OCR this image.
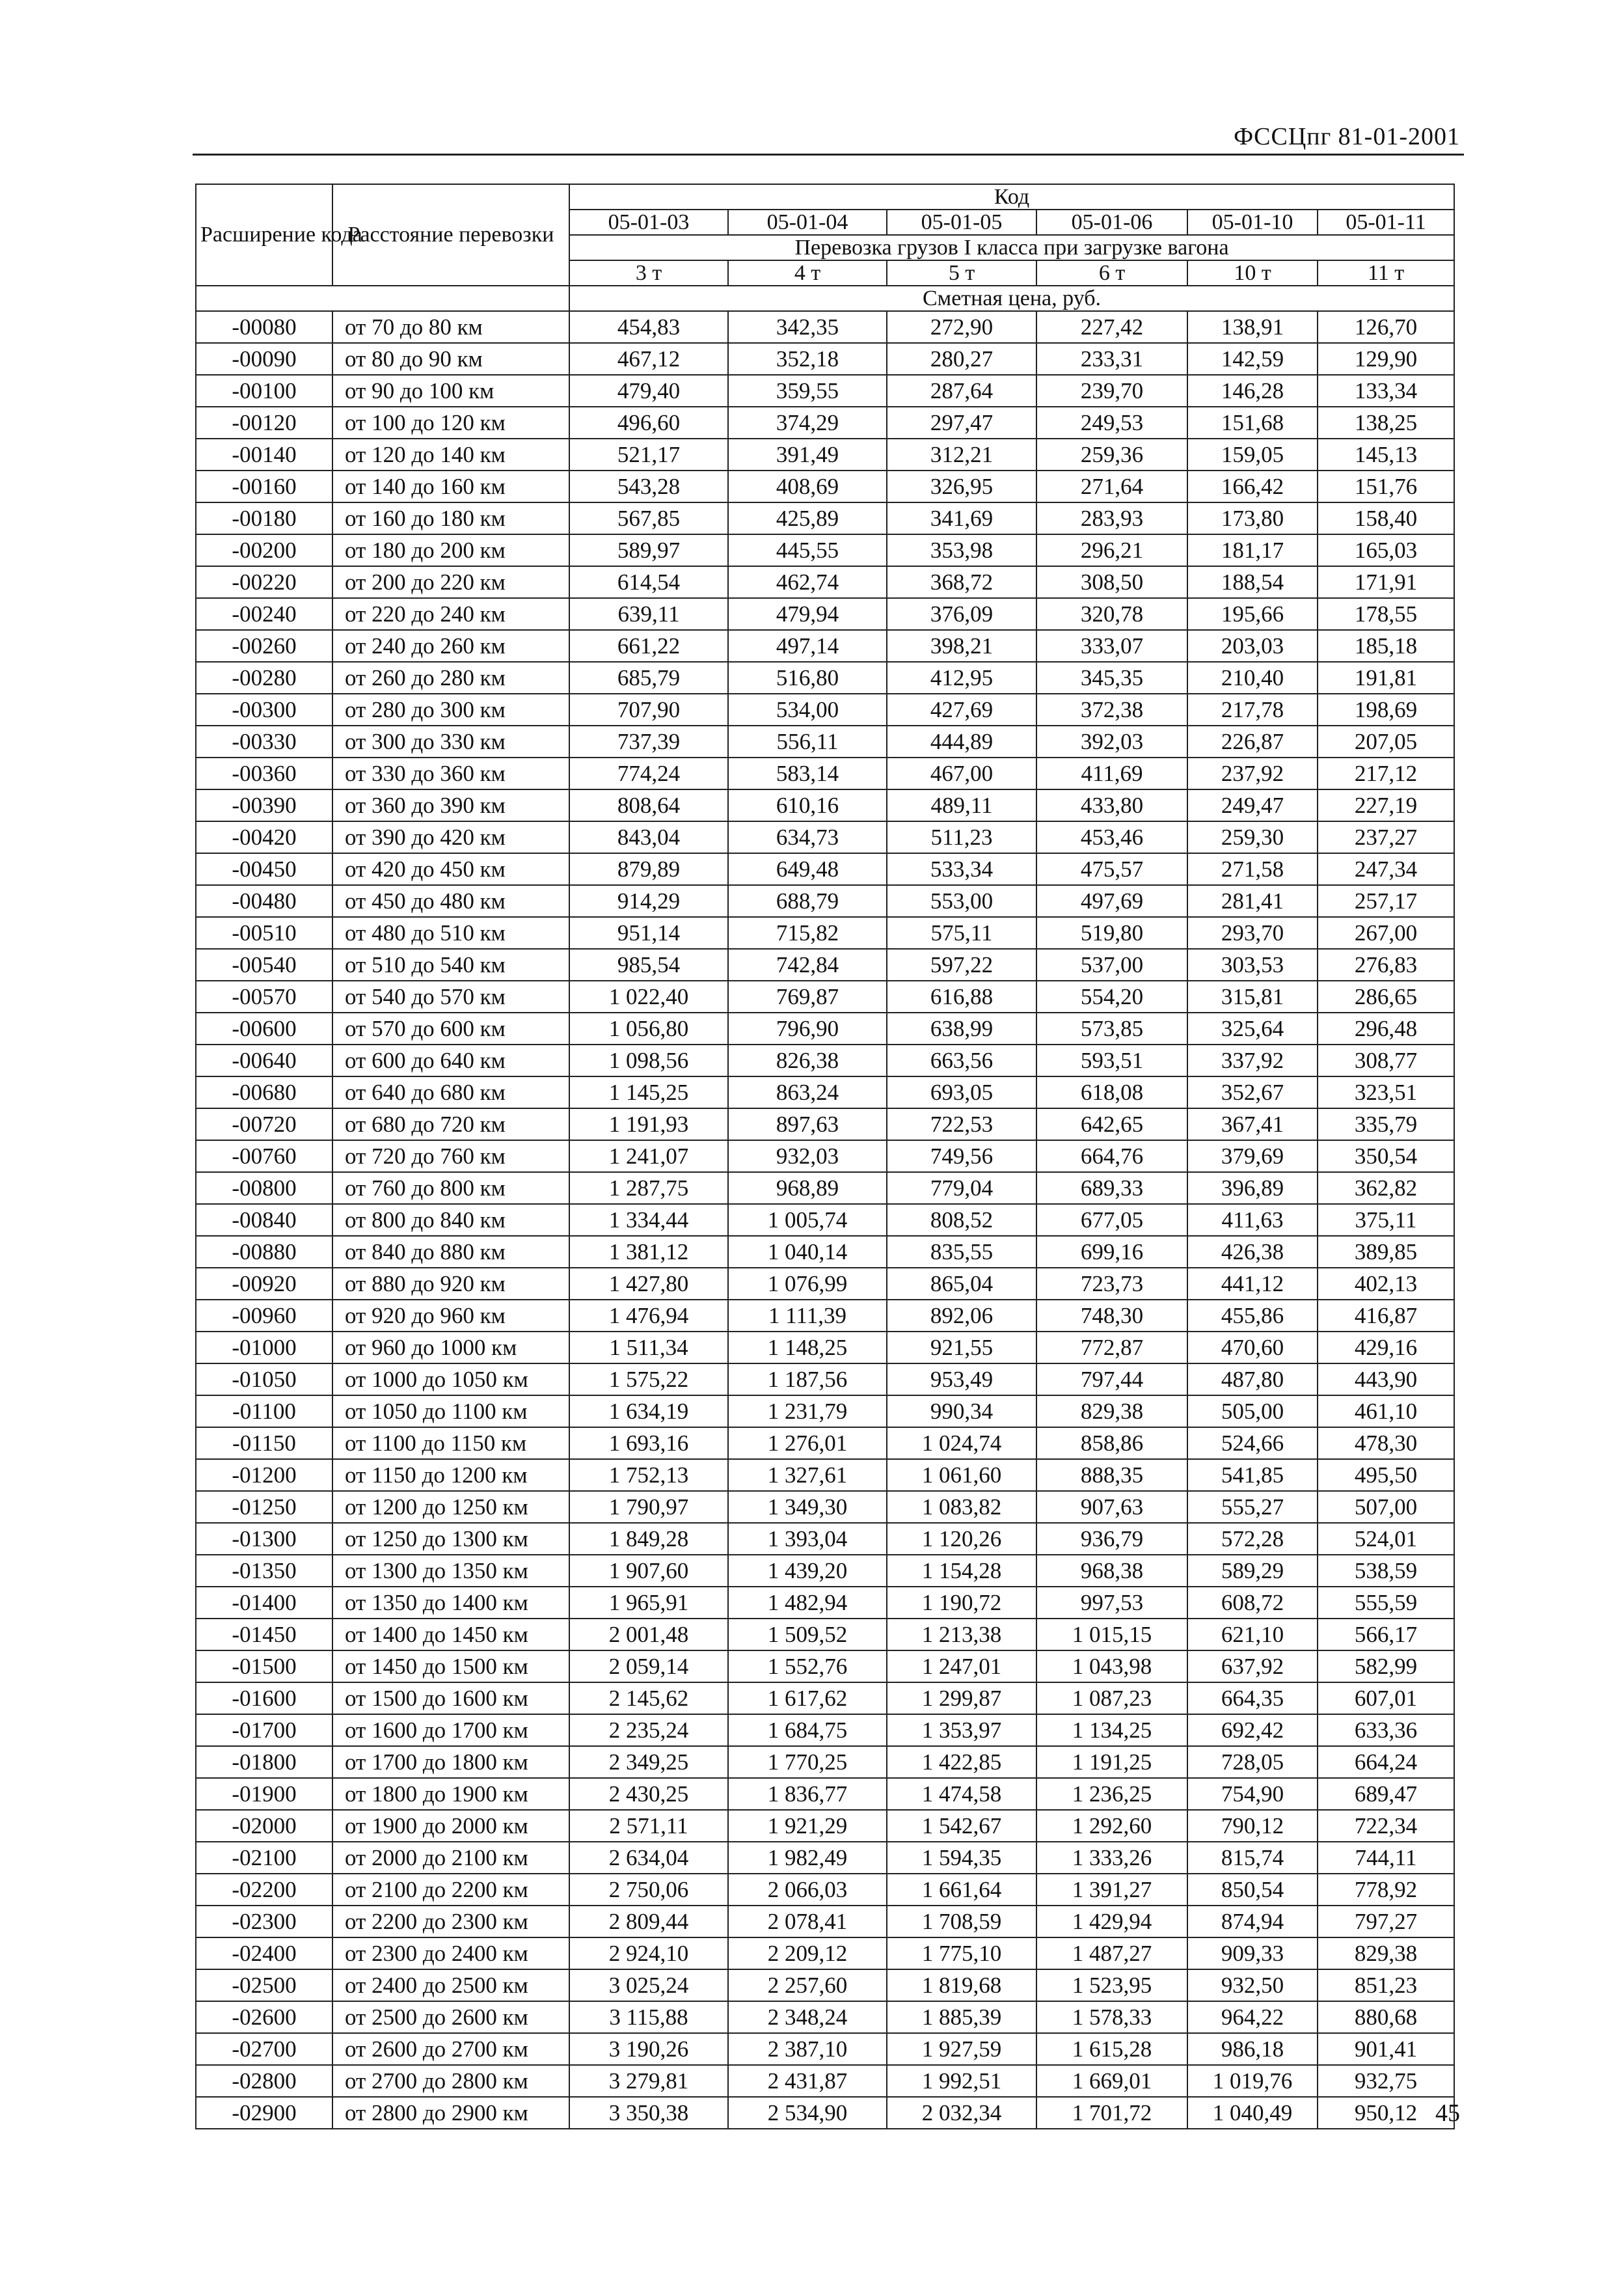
ФССЦпг 81-01-2001
Расширение кода	Расстояние перевозки	Код					
		05-01-03	05-01-04	05-01-05	05-01-06	05-01-10	05-01-11
		Перевозка грузов I класса при загрузке вагона					
		3 т	4 т	5 т	6 т	10 т	11 т
		Сметная цена, руб.					
-00080	от 70 до 80 км	454,83	342,35	272,90	227,42	138,91	126,70
-00090	от 80 до 90 км	467,12	352,18	280,27	233,31	142,59	129,90
-00100	от 90 до 100 км	479,40	359,55	287,64	239,70	146,28	133,34
-00120	от 100 до 120 км	496,60	374,29	297,47	249,53	151,68	138,25
-00140	от 120 до 140 км	521,17	391,49	312,21	259,36	159,05	145,13
-00160	от 140 до 160 км	543,28	408,69	326,95	271,64	166,42	151,76
-00180	от 160 до 180 км	567,85	425,89	341,69	283,93	173,80	158,40
-00200	от 180 до 200 км	589,97	445,55	353,98	296,21	181,17	165,03
-00220	от 200 до 220 км	614,54	462,74	368,72	308,50	188,54	171,91
-00240	от 220 до 240 км	639,11	479,94	376,09	320,78	195,66	178,55
-00260	от 240 до 260 км	661,22	497,14	398,21	333,07	203,03	185,18
-00280	от 260 до 280 км	685,79	516,80	412,95	345,35	210,40	191,81
-00300	от 280 до 300 км	707,90	534,00	427,69	372,38	217,78	198,69
-00330	от 300 до 330 км	737,39	556,11	444,89	392,03	226,87	207,05
-00360	от 330 до 360 км	774,24	583,14	467,00	411,69	237,92	217,12
-00390	от 360 до 390 км	808,64	610,16	489,11	433,80	249,47	227,19
-00420	от 390 до 420 км	843,04	634,73	511,23	453,46	259,30	237,27
-00450	от 420 до 450 км	879,89	649,48	533,34	475,57	271,58	247,34
-00480	от 450 до 480 км	914,29	688,79	553,00	497,69	281,41	257,17
-00510	от 480 до 510 км	951,14	715,82	575,11	519,80	293,70	267,00
-00540	от 510 до 540 км	985,54	742,84	597,22	537,00	303,53	276,83
-00570	от 540 до 570 км	1 022,40	769,87	616,88	554,20	315,81	286,65
-00600	от 570 до 600 км	1 056,80	796,90	638,99	573,85	325,64	296,48
-00640	от 600 до 640 км	1 098,56	826,38	663,56	593,51	337,92	308,77
-00680	от 640 до 680 км	1 145,25	863,24	693,05	618,08	352,67	323,51
-00720	от 680 до 720 км	1 191,93	897,63	722,53	642,65	367,41	335,79
-00760	от 720 до 760 км	1 241,07	932,03	749,56	664,76	379,69	350,54
-00800	от 760 до 800 км	1 287,75	968,89	779,04	689,33	396,89	362,82
-00840	от 800 до 840 км	1 334,44	1 005,74	808,52	677,05	411,63	375,11
-00880	от 840 до 880 км	1 381,12	1 040,14	835,55	699,16	426,38	389,85
-00920	от 880 до 920 км	1 427,80	1 076,99	865,04	723,73	441,12	402,13
-00960	от 920 до 960 км	1 476,94	1 111,39	892,06	748,30	455,86	416,87
-01000	от 960 до 1000 км	1 511,34	1 148,25	921,55	772,87	470,60	429,16
-01050	от 1000 до 1050 км	1 575,22	1 187,56	953,49	797,44	487,80	443,90
-01100	от 1050 до 1100 км	1 634,19	1 231,79	990,34	829,38	505,00	461,10
-01150	от 1100 до 1150 км	1 693,16	1 276,01	1 024,74	858,86	524,66	478,30
-01200	от 1150 до 1200 км	1 752,13	1 327,61	1 061,60	888,35	541,85	495,50
-01250	от 1200 до 1250 км	1 790,97	1 349,30	1 083,82	907,63	555,27	507,00
-01300	от 1250 до 1300 км	1 849,28	1 393,04	1 120,26	936,79	572,28	524,01
-01350	от 1300 до 1350 км	1 907,60	1 439,20	1 154,28	968,38	589,29	538,59
-01400	от 1350 до 1400 км	1 965,91	1 482,94	1 190,72	997,53	608,72	555,59
-01450	от 1400 до 1450 км	2 001,48	1 509,52	1 213,38	1 015,15	621,10	566,17
-01500	от 1450 до 1500 км	2 059,14	1 552,76	1 247,01	1 043,98	637,92	582,99
-01600	от 1500 до 1600 км	2 145,62	1 617,62	1 299,87	1 087,23	664,35	607,01
-01700	от 1600 до 1700 км	2 235,24	1 684,75	1 353,97	1 134,25	692,42	633,36
-01800	от 1700 до 1800 км	2 349,25	1 770,25	1 422,85	1 191,25	728,05	664,24
-01900	от 1800 до 1900 км	2 430,25	1 836,77	1 474,58	1 236,25	754,90	689,47
-02000	от 1900 до 2000 км	2 571,11	1 921,29	1 542,67	1 292,60	790,12	722,34
-02100	от 2000 до 2100 км	2 634,04	1 982,49	1 594,35	1 333,26	815,74	744,11
-02200	от 2100 до 2200 км	2 750,06	2 066,03	1 661,64	1 391,27	850,54	778,92
-02300	от 2200 до 2300 км	2 809,44	2 078,41	1 708,59	1 429,94	874,94	797,27
-02400	от 2300 до 2400 км	2 924,10	2 209,12	1 775,10	1 487,27	909,33	829,38
-02500	от 2400 до 2500 км	3 025,24	2 257,60	1 819,68	1 523,95	932,50	851,23
-02600	от 2500 до 2600 км	3 115,88	2 348,24	1 885,39	1 578,33	964,22	880,68
-02700	от 2600 до 2700 км	3 190,26	2 387,10	1 927,59	1 615,28	986,18	901,41
-02800	от 2700 до 2800 км	3 279,81	2 431,87	1 992,51	1 669,01	1 019,76	932,75
-02900	от 2800 до 2900 км	3 350,38	2 534,90	2 032,34	1 701,72	1 040,49	950,12 45
